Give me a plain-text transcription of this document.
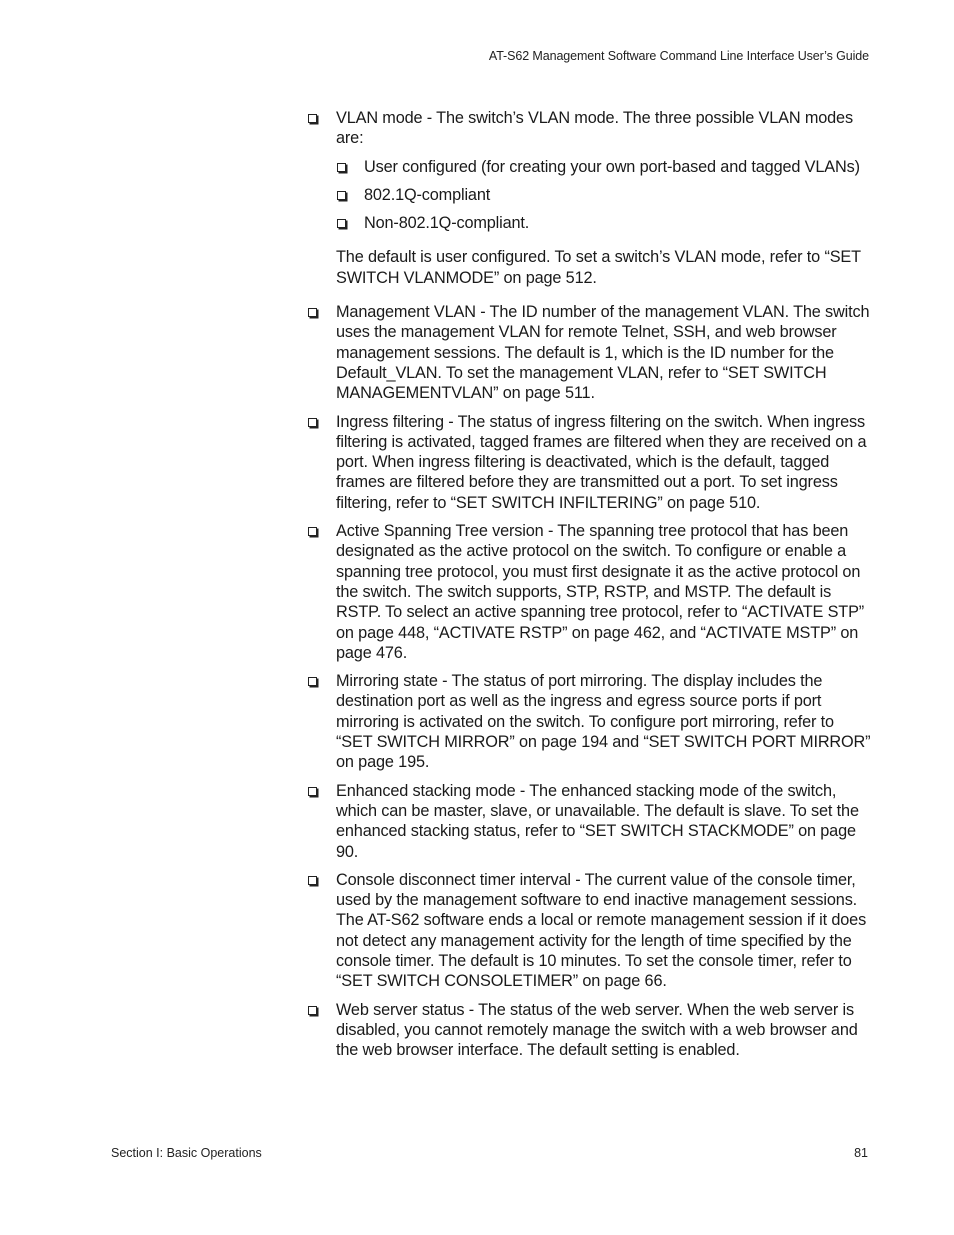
AT-S62 Management Software Command Line Interface User’s Guide
VLAN mode - The switch’s VLAN mode. The three possible VLAN modes are:
User configured (for creating your own port-based and tagged VLANs)
802.1Q-compliant
Non-802.1Q-compliant.

The default is user configured. To set a switch’s VLAN mode, refer to “SET SWITCH VLANMODE” on page 512.

Management VLAN - The ID number of the management VLAN. The switch uses the management VLAN for remote Telnet, SSH, and web browser management sessions. The default is 1, which is the ID number for the Default_VLAN. To set the management VLAN, refer to “SET SWITCH MANAGEMENTVLAN” on page 511.
Ingress filtering - The status of ingress filtering on the switch. When ingress filtering is activated, tagged frames are filtered when they are received on a port. When ingress filtering is deactivated, which is the default, tagged frames are filtered before they are transmitted out a port. To set ingress filtering, refer to “SET SWITCH INFILTERING” on page 510.
Active Spanning Tree version - The spanning tree protocol that has been designated as the active protocol on the switch. To configure or enable a spanning tree protocol, you must first designate it as the active protocol on the switch. The switch supports, STP, RSTP, and MSTP. The default is RSTP. To select an active spanning tree protocol, refer to “ACTIVATE STP” on page 448, “ACTIVATE RSTP” on page 462, and “ACTIVATE MSTP” on page 476.
Mirroring state - The status of port mirroring. The display includes the destination port as well as the ingress and egress source ports if port mirroring is activated on the switch. To configure port mirroring, refer to “SET SWITCH MIRROR” on page 194 and “SET SWITCH PORT MIRROR” on page 195.
Enhanced stacking mode - The enhanced stacking mode of the switch, which can be master, slave, or unavailable. The default is slave. To set the enhanced stacking status, refer to “SET SWITCH STACKMODE” on page 90.
Console disconnect timer interval - The current value of the console timer, used by the management software to end inactive management sessions. The AT-S62 software ends a local or remote management session if it does not detect any management activity for the length of time specified by the console timer. The default is 10 minutes. To set the console timer, refer to “SET SWITCH CONSOLETIMER” on page 66.
Web server status - The status of the web server. When the web server is disabled, you cannot remotely manage the switch with a web browser and the web browser interface. The default setting is enabled.
Section I: Basic Operations	81
